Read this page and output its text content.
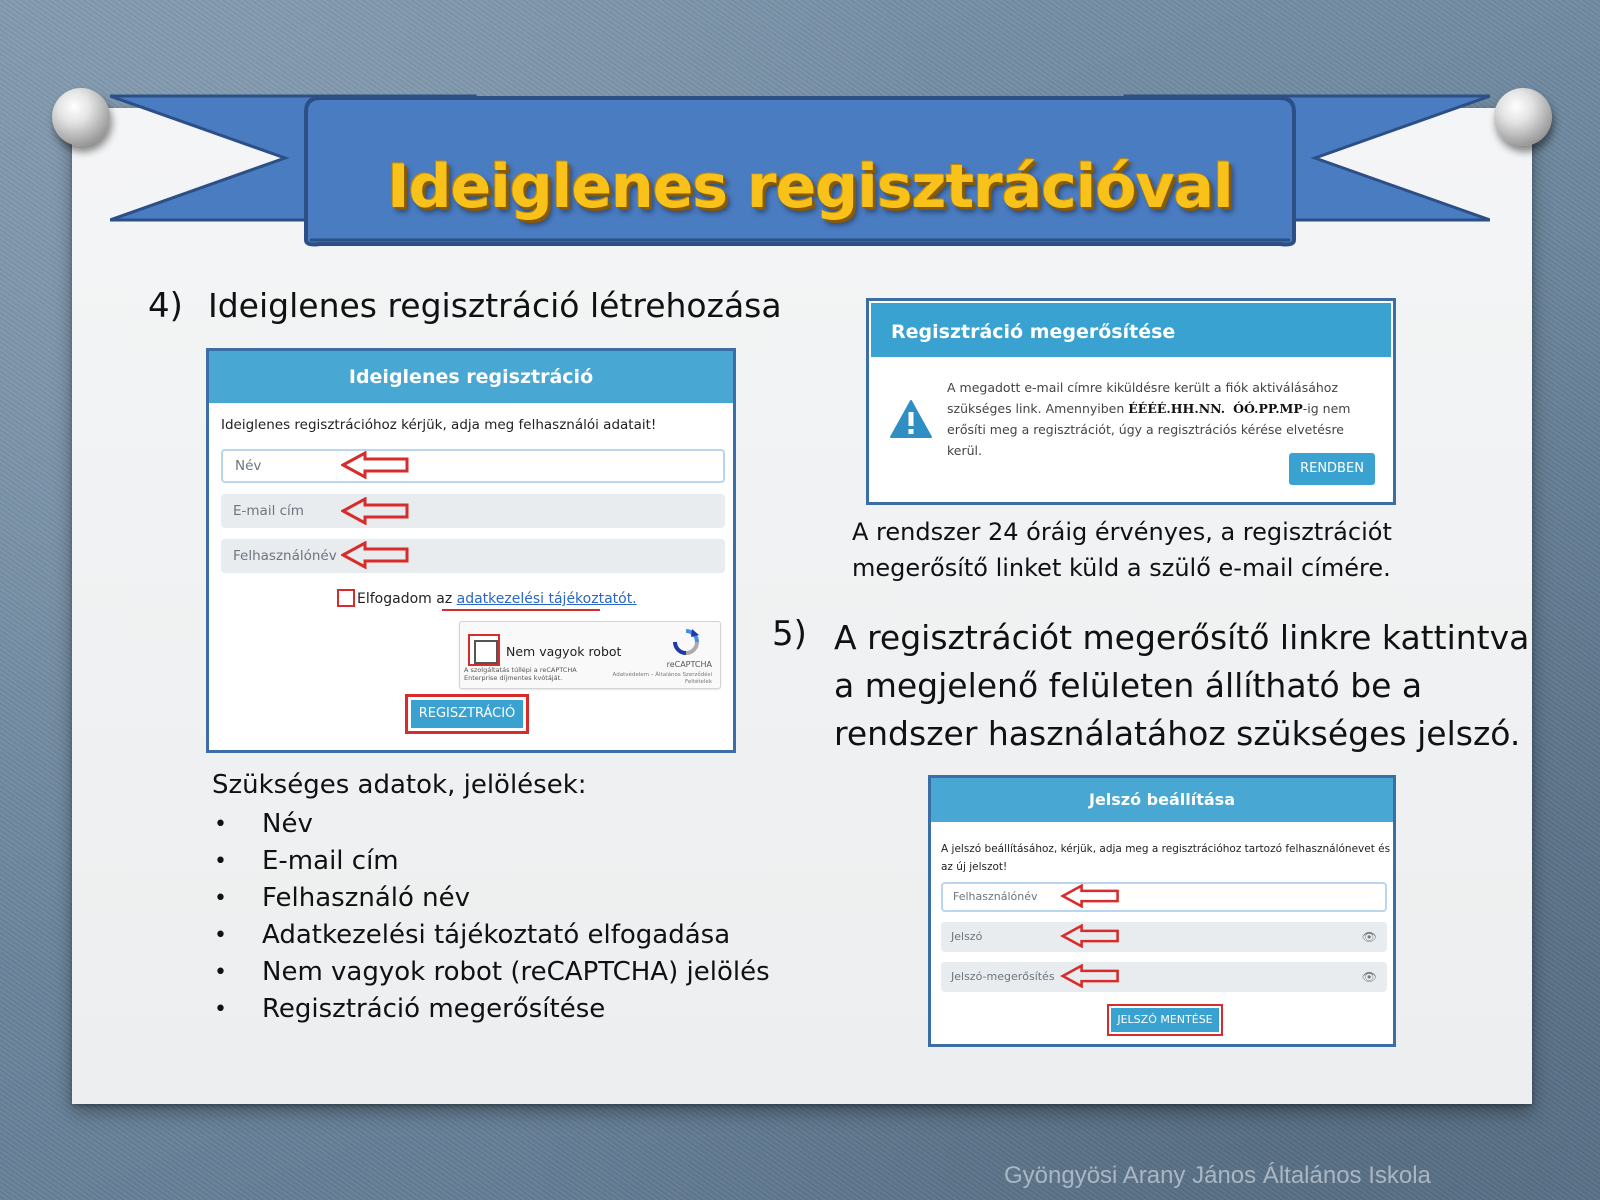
Ideiglenes regisztrációval
4) Ideiglenes regisztráció létrehozása
Ideiglenes regisztráció
Ideiglenes regisztrációhoz kérjük, adja meg felhasználói adatait!
Név
E-mail cím
Felhasználónév
Elfogadom az adatkezelési tájékoztatót.
Nem vagyok robot
A szolgáltatás túllépi a reCAPTCHA Enterprise díjmentes kvótáját.
reCAPTCHA
Adatvédelem – Általános Szerződési Feltételek
REGISZTRÁCIÓ
Szükséges adatok, jelölések:
• Név
• E-mail cím
• Felhasználó név
• Adatkezelési tájékoztató elfogadása
• Nem vagyok robot (reCAPTCHA) jelölés
• Regisztráció megerősítése
Regisztráció megerősítése
A megadott e-mail címre kiküldésre került a fiók aktiválásához szükséges link. Amennyiben ÉÉÉÉ.HH.NN. ÓÓ.PP.MP-ig nem erősíti meg a regisztrációt, úgy a regisztrációs kérése elvetésre kerül.
RENDBEN
A rendszer 24 óráig érvényes, a regisztrációt
megerősítő linket küld a szülő e-mail címére.
5) A regisztrációt megerősítő linkre kattintva
a megjelenő felületen állítható be a
rendszer használatához szükséges jelszó.
Jelszó beállítása
A jelszó beállításához, kérjük, adja meg a regisztrációhoz tartozó felhasználónevet és az új jelszot!
Felhasználónév
Jelszó	👁
Jelszó-megerősítés	👁
JELSZÓ MENTÉSE
Gyöngyösi Arany János Általános Iskola
